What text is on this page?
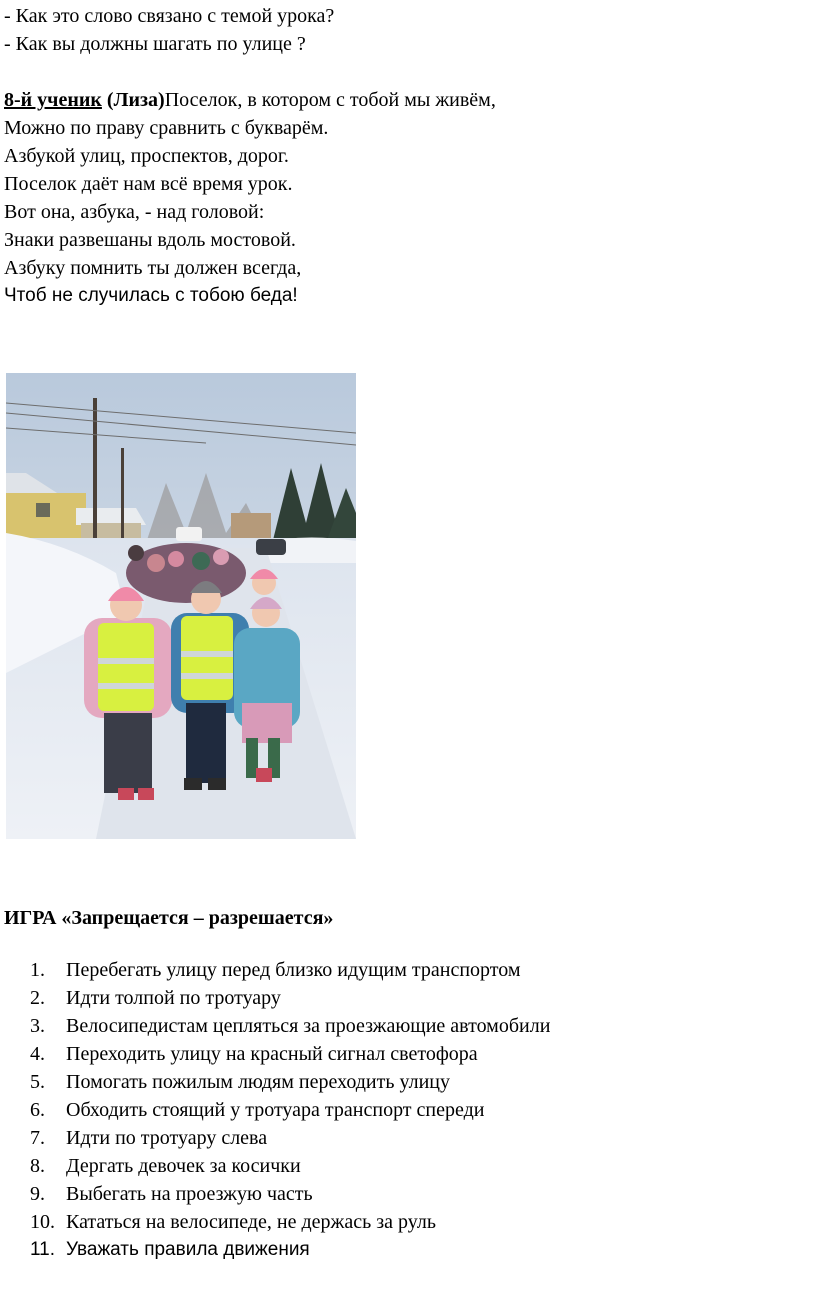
- Как это слово связано с темой урока?
- Как вы должны шагать по улице ?
8-й ученик (Лиза)Поселок, в котором с тобой мы живём,
Можно по праву сравнить с букварём.
Азбукой улиц, проспектов, дорог.
Поселок даёт нам всё время урок.
Вот она, азбука, - над головой:
Знаки развешаны вдоль мостовой.
Азбуку помнить ты должен всегда,
Чтоб не случилась с тобою беда!
ИГРА «Запрещается – разрешается»
1. Перебегать улицу перед близко идущим транспортом
2. Идти толпой по тротуару
3. Велосипедистам цепляться за проезжающие автомобили
4. Переходить улицу на красный сигнал светофора
5. Помогать пожилым людям переходить улицу
6. Обходить стоящий у тротуара транспорт спереди
7. Идти по тротуару слева
8. Дергать девочек за косички
9. Выбегать на проезжую часть
10. Кататься на велосипеде, не держась за руль
11. Уважать правила движения
